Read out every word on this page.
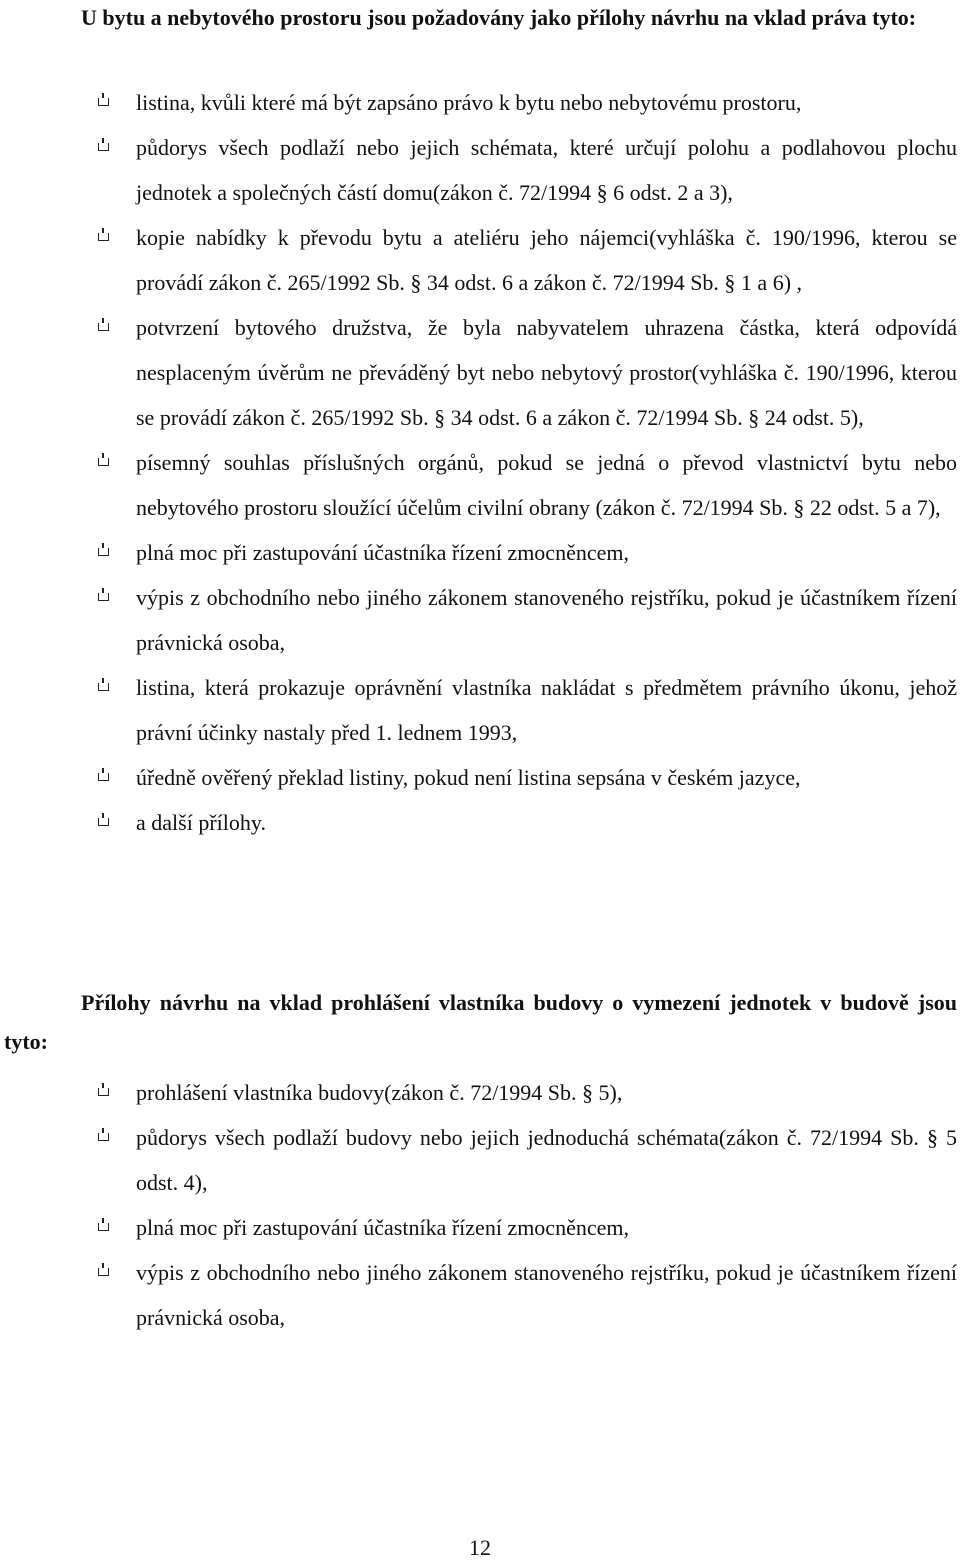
U bytu a nebytového prostoru jsou požadovány jako přílohy návrhu na vklad práva tyto:

listina, kvůli které má být zapsáno právo k bytu nebo nebytovému prostoru,
půdorys všech podlaží nebo jejich schémata, které určují polohu a podlahovou plochu jednotek a společných částí domu(zákon č. 72/1994 § 6 odst. 2 a 3),
kopie nabídky k převodu bytu a ateliéru jeho nájemci(vyhláška č. 190/1996, kterou se provádí zákon č. 265/1992 Sb. § 34 odst. 6 a zákon č. 72/1994 Sb. § 1 a 6) ,
potvrzení bytového družstva, že byla nabyvatelem uhrazena částka, která odpovídá nesplaceným úvěrům ne převáděný byt nebo nebytový prostor(vyhláška č. 190/1996, kterou se provádí zákon č. 265/1992 Sb. § 34 odst. 6 a zákon č. 72/1994 Sb. § 24 odst. 5),
písemný souhlas příslušných orgánů, pokud se jedná o převod vlastnictví bytu nebo nebytového prostoru sloužící účelům civilní obrany (zákon č. 72/1994 Sb. § 22 odst. 5 a 7),
plná moc při zastupování účastníka řízení zmocněncem,
výpis z obchodního nebo jiného zákonem stanoveného rejstříku, pokud je účastníkem řízení právnická osoba,
listina, která prokazuje oprávnění vlastníka nakládat s předmětem právního úkonu, jehož právní účinky nastaly před 1. lednem 1993,
úředně ověřený překlad listiny, pokud není listina sepsána v českém jazyce,
a další přílohy.

Přílohy návrhu na vklad prohlášení vlastníka budovy o vymezení jednotek v budově jsou tyto:

prohlášení vlastníka budovy(zákon č. 72/1994 Sb. § 5),
půdorys všech podlaží budovy nebo jejich jednoduchá schémata(zákon č. 72/1994 Sb. § 5 odst. 4),
plná moc při zastupování účastníka řízení zmocněncem,
výpis z obchodního nebo jiného zákonem stanoveného rejstříku, pokud je účastníkem řízení právnická osoba,
12
